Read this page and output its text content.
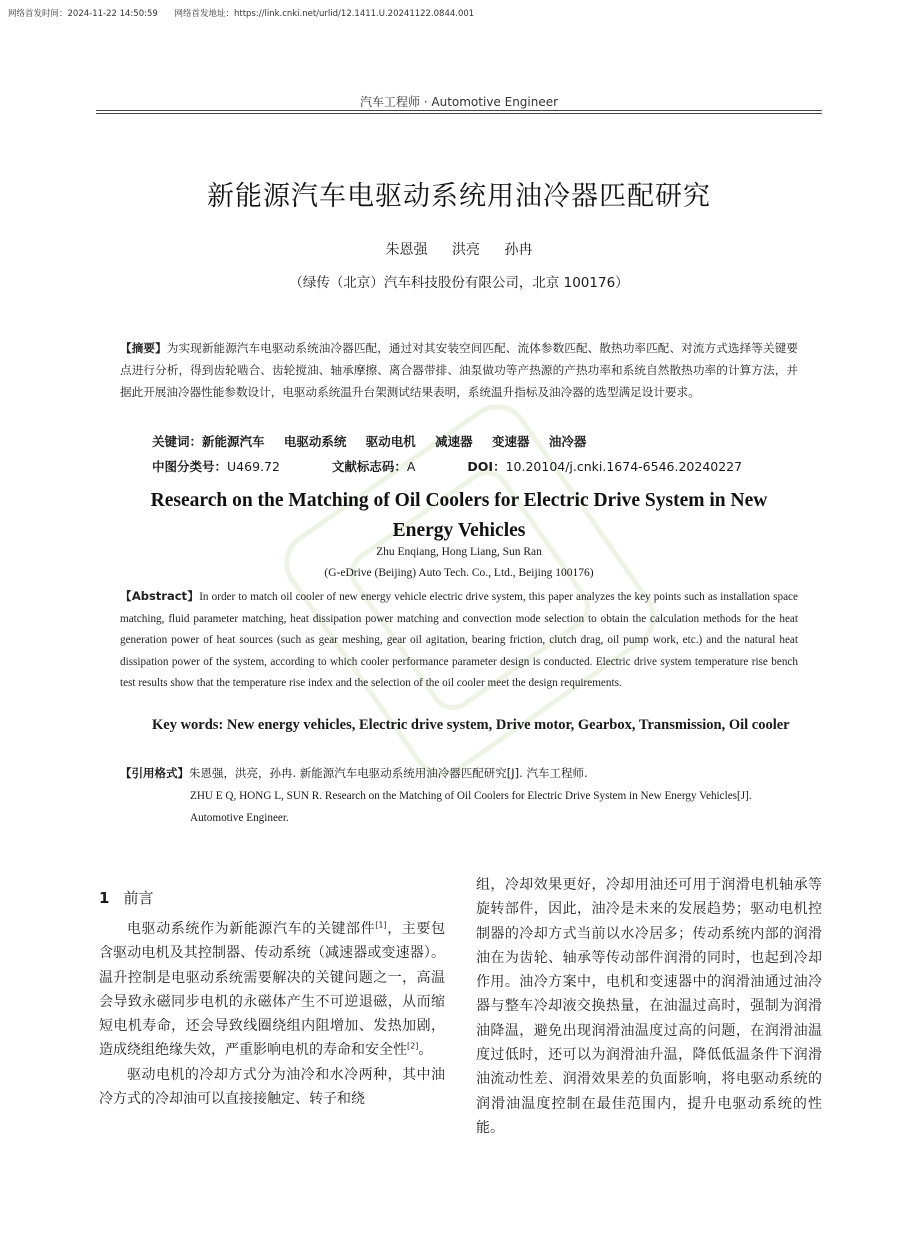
网络首发时间：2024-11-22 14:50:59 网络首发地址：https://link.cnki.net/urlid/12.1411.U.20241122.0844.001
汽车工程师 · Automotive Engineer
新能源汽车电驱动系统用油冷器匹配研究
朱恩强 洪亮 孙冉
（绿传（北京）汽车科技股份有限公司，北京 100176）
【摘要】为实现新能源汽车电驱动系统油冷器匹配，通过对其安装空间匹配、流体参数匹配、散热功率匹配、对流方式选择等关键要点进行分析，得到齿轮啮合、齿轮搅油、轴承摩擦、离合器带排、油泵做功等产热源的产热功率和系统自然散热功率的计算方法，并据此开展油冷器性能参数设计，电驱动系统温升台架测试结果表明，系统温升指标及油冷器的选型满足设计要求。
关键词：新能源汽车 电驱动系统 驱动电机 减速器 变速器 油冷器
中图分类号：U469.72	文献标志码：A	DOI：10.20104/j.cnki.1674-6546.20240227
Research on the Matching of Oil Coolers for Electric Drive System in New Energy Vehicles
Zhu Enqiang, Hong Liang, Sun Ran
(G-eDrive (Beijing) Auto Tech. Co., Ltd., Beijing 100176)
【Abstract】In order to match oil cooler of new energy vehicle electric drive system, this paper analyzes the key points such as installation space matching, fluid parameter matching, heat dissipation power matching and convection mode selection to obtain the calculation methods for the heat generation power of heat sources (such as gear meshing, gear oil agitation, bearing friction, clutch drag, oil pump work, etc.) and the natural heat dissipation power of the system, according to which cooler performance parameter design is conducted. Electric drive system temperature rise bench test results show that the temperature rise index and the selection of the oil cooler meet the design requirements.
Key words: New energy vehicles, Electric drive system, Drive motor, Gearbox, Transmission, Oil cooler
【引用格式】朱恩强，洪亮，孙冉. 新能源汽车电驱动系统用油冷器匹配研究[J]. 汽车工程师.
ZHU E Q, HONG L, SUN R. Research on the Matching of Oil Coolers for Electric Drive System in New Energy Vehicles[J]. Automotive Engineer.
1 前言

电驱动系统作为新能源汽车的关键部件[1]，主要包含驱动电机及其控制器、传动系统（减速器或变速器）。温升控制是电驱动系统需要解决的关键问题之一，高温会导致永磁同步电机的永磁体产生不可逆退磁，从而缩短电机寿命，还会导致线圈绕组内阻增加、发热加剧，造成绕组绝缘失效，严重影响电机的寿命和安全性[2]。

驱动电机的冷却方式分为油冷和水冷两种，其中油冷方式的冷却油可以直接接触定、转子和绕

组，冷却效果更好，冷却用油还可用于润滑电机轴承等旋转部件，因此，油冷是未来的发展趋势；驱动电机控制器的冷却方式当前以水冷居多；传动系统内部的润滑油在为齿轮、轴承等传动部件润滑的同时，也起到冷却作用。油冷方案中，电机和变速器中的润滑油通过油冷器与整车冷却液交换热量，在油温过高时，强制为润滑油降温，避免出现润滑油温度过高的问题，在润滑油温度过低时，还可以为润滑油升温，降低低温条件下润滑油流动性差、润滑效果差的负面影响，将电驱动系统的润滑油温度控制在最佳范围内，提升电驱动系统的性能。
